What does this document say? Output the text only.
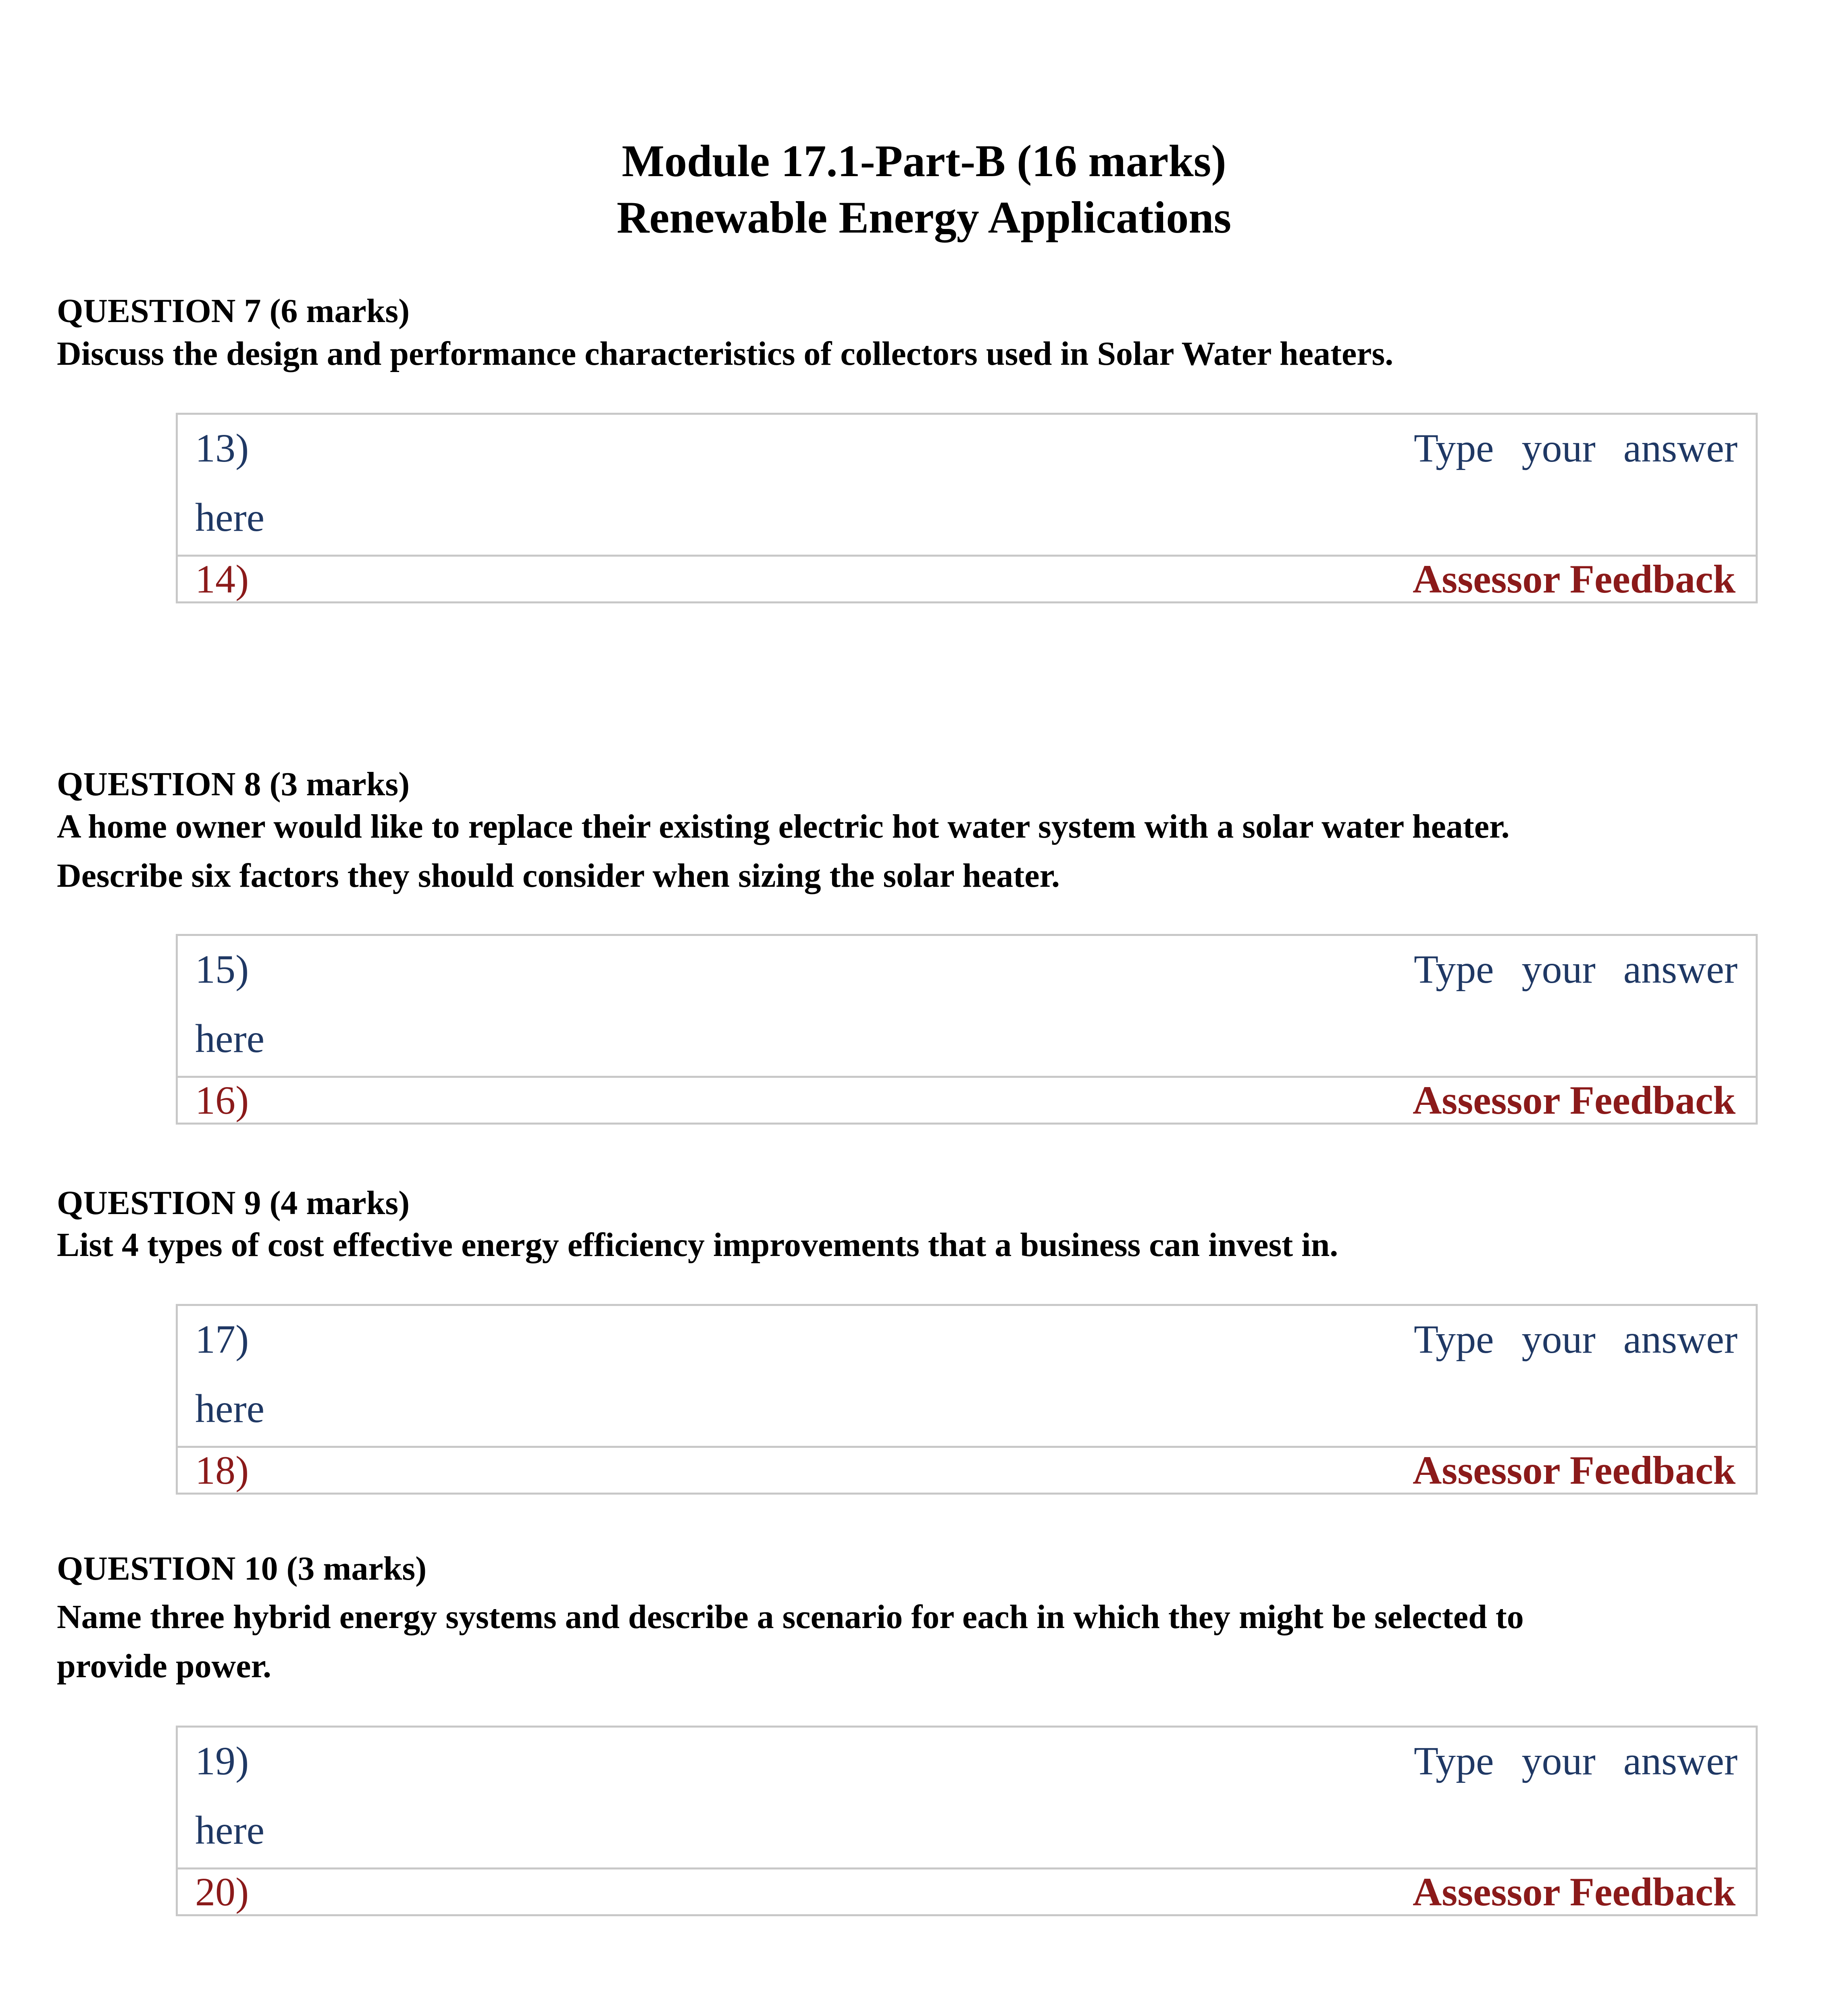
Module 17.1-Part-B (16 marks)
Renewable Energy Applications
QUESTION 7 (6 marks)
Discuss the design and performance characteristics of collectors used in Solar Water heaters.
13)	Type your answer
here
14)	Assessor Feedback
QUESTION 8 (3 marks)
A home owner would like to replace their existing electric hot water system with a solar water heater.
Describe six factors they should consider when sizing the solar heater.
15)	Type your answer
here
16)	Assessor Feedback
QUESTION 9 (4 marks)
List 4 types of cost effective energy efficiency improvements that a business can invest in.
17)	Type your answer
here
18)	Assessor Feedback
QUESTION 10 (3 marks)
Name three hybrid energy systems and describe a scenario for each in which they might be selected to
provide power.
19)	Type your answer
here
20)	Assessor Feedback
